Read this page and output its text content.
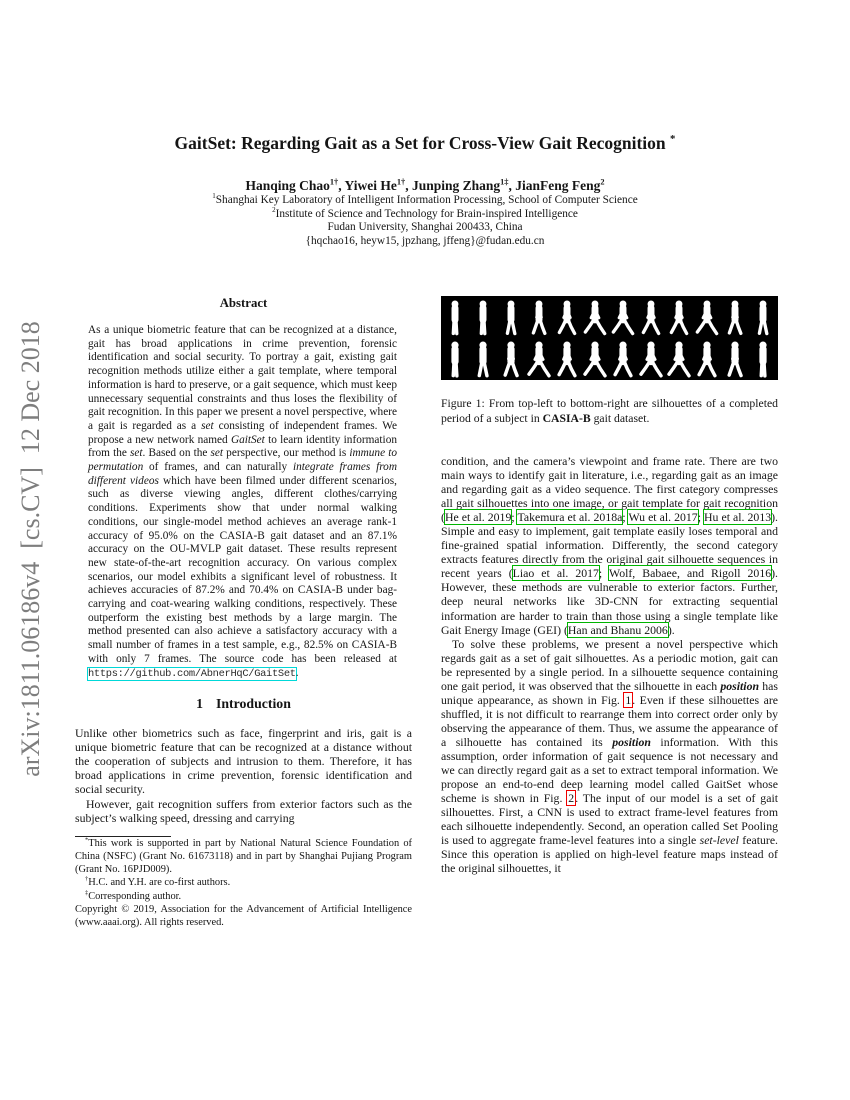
arXiv:1811.06186v4  [cs.CV]  12 Dec 2018
GaitSet: Regarding Gait as a Set for Cross-View Gait Recognition *
Hanqing Chao$^{1\dagger}$, Yiwei $He^{1\dagger}$, Junping Zhang$^{1\ddagger}$, JianFeng Feng$^2$
$^1$Shanghai Key Laboratory of Intelligent Information Processing, School of Computer Science
$^2$Institute of Science and Technology for Brain-inspired Intelligence
Fudan University, Shanghai 200433, China
{hqchao16, heyw15, jpzhang, jffeng}@fudan.edu.cn
Abstract

As a unique biometric feature that can be recognized at a distance, gait has broad applications in crime prevention, forensic identification and social security. To portray a gait, existing gait recognition methods utilize either a gait template, where temporal information is hard to preserve, or a gait sequence, which must keep unnecessary sequential constraints and thus loses the flexibility of gait recognition. In this paper we present a novel perspective, where a gait is regarded as a set consisting of independent frames. We propose a new network named GaitSet to learn identity information from the set. Based on the set perspective, our method is immune to permutation of frames, and can naturally integrate frames from different videos which have been filmed under different scenarios, such as diverse viewing angles, different clothes/carrying conditions. Experiments show that under normal walking conditions, our single-model method achieves an average rank-1 accuracy of 95.0% on the CASIA-B gait dataset and an 87.1% accuracy on the OU-MVLP gait dataset. These results represent new state-of-the-art recognition accuracy. On various complex scenarios, our model exhibits a significant level of robustness. It achieves accuracies of 87.2% and 70.4% on CASIA-B under bag-carrying and coat-wearing walking conditions, respectively. These outperform the existing best methods by a large margin. The method presented can also achieve a satisfactory accuracy with a small number of frames in a test sample, e.g., 82.5% on CASIA-B with only 7 frames. The source code has been released at https://github.com/AbnerHqC/GaitSet.

1 Introduction

Unlike other biometrics such as face, fingerprint and iris, gait is a unique biometric feature that can be recognized at a distance without the cooperation of subjects and intrusion to them. Therefore, it has broad applications in crime prevention, forensic identification and social security.

However, gait recognition suffers from exterior factors such as the subject’s walking speed, dressing and carrying

*This work is supported in part by National Natural Science Foundation of China (NSFC) (Grant No. 61673118) and in part by Shanghai Pujiang Program (Grant No. 16PJD009).

†H.C. and Y.H. are co-first authors.

‡Corresponding author.

Copyright © 2019, Association for the Advancement of Artificial Intelligence (www.aaai.org). All rights reserved.

Figure 1: From top-left to bottom-right are silhouettes of a completed period of a subject in CASIA-B gait dataset.

condition, and the camera’s viewpoint and frame rate. There are two main ways to identify gait in literature, i.e., regarding gait as an image and regarding gait as a video sequence. The first category compresses all gait silhouettes into one image, or gait template for gait recognition (He et al. 2019; Takemura et al. 2018a; Wu et al. 2017; Hu et al. 2013). Simple and easy to implement, gait template easily loses temporal and fine-grained spatial information. Differently, the second category extracts features directly from the original gait silhouette sequences in recent years (Liao et al. 2017; Wolf, Babaee, and Rigoll 2016). However, these methods are vulnerable to exterior factors. Further, deep neural networks like 3D-CNN for extracting sequential information are harder to train than those using a single template like Gait Energy Image (GEI) (Han and Bhanu 2006).

To solve these problems, we present a novel perspective which regards gait as a set of gait silhouettes. As a periodic motion, gait can be represented by a single period. In a silhouette sequence containing one gait period, it was observed that the silhouette in each position has unique appearance, as shown in Fig. 1. Even if these silhouettes are shuffled, it is not difficult to rearrange them into correct order only by observing the appearance of them. Thus, we assume the appearance of a silhouette has contained its position information. With this assumption, order information of gait sequence is not necessary and we can directly regard gait as a set to extract temporal information. We propose an end-to-end deep learning model called GaitSet whose scheme is shown in Fig. 2. The input of our model is a set of gait silhouettes. First, a CNN is used to extract frame-level features from each silhouette independently. Second, an operation called Set Pooling is used to aggregate frame-level features into a single set-level feature. Since this operation is applied on high-level feature maps instead of the original silhouettes, it
